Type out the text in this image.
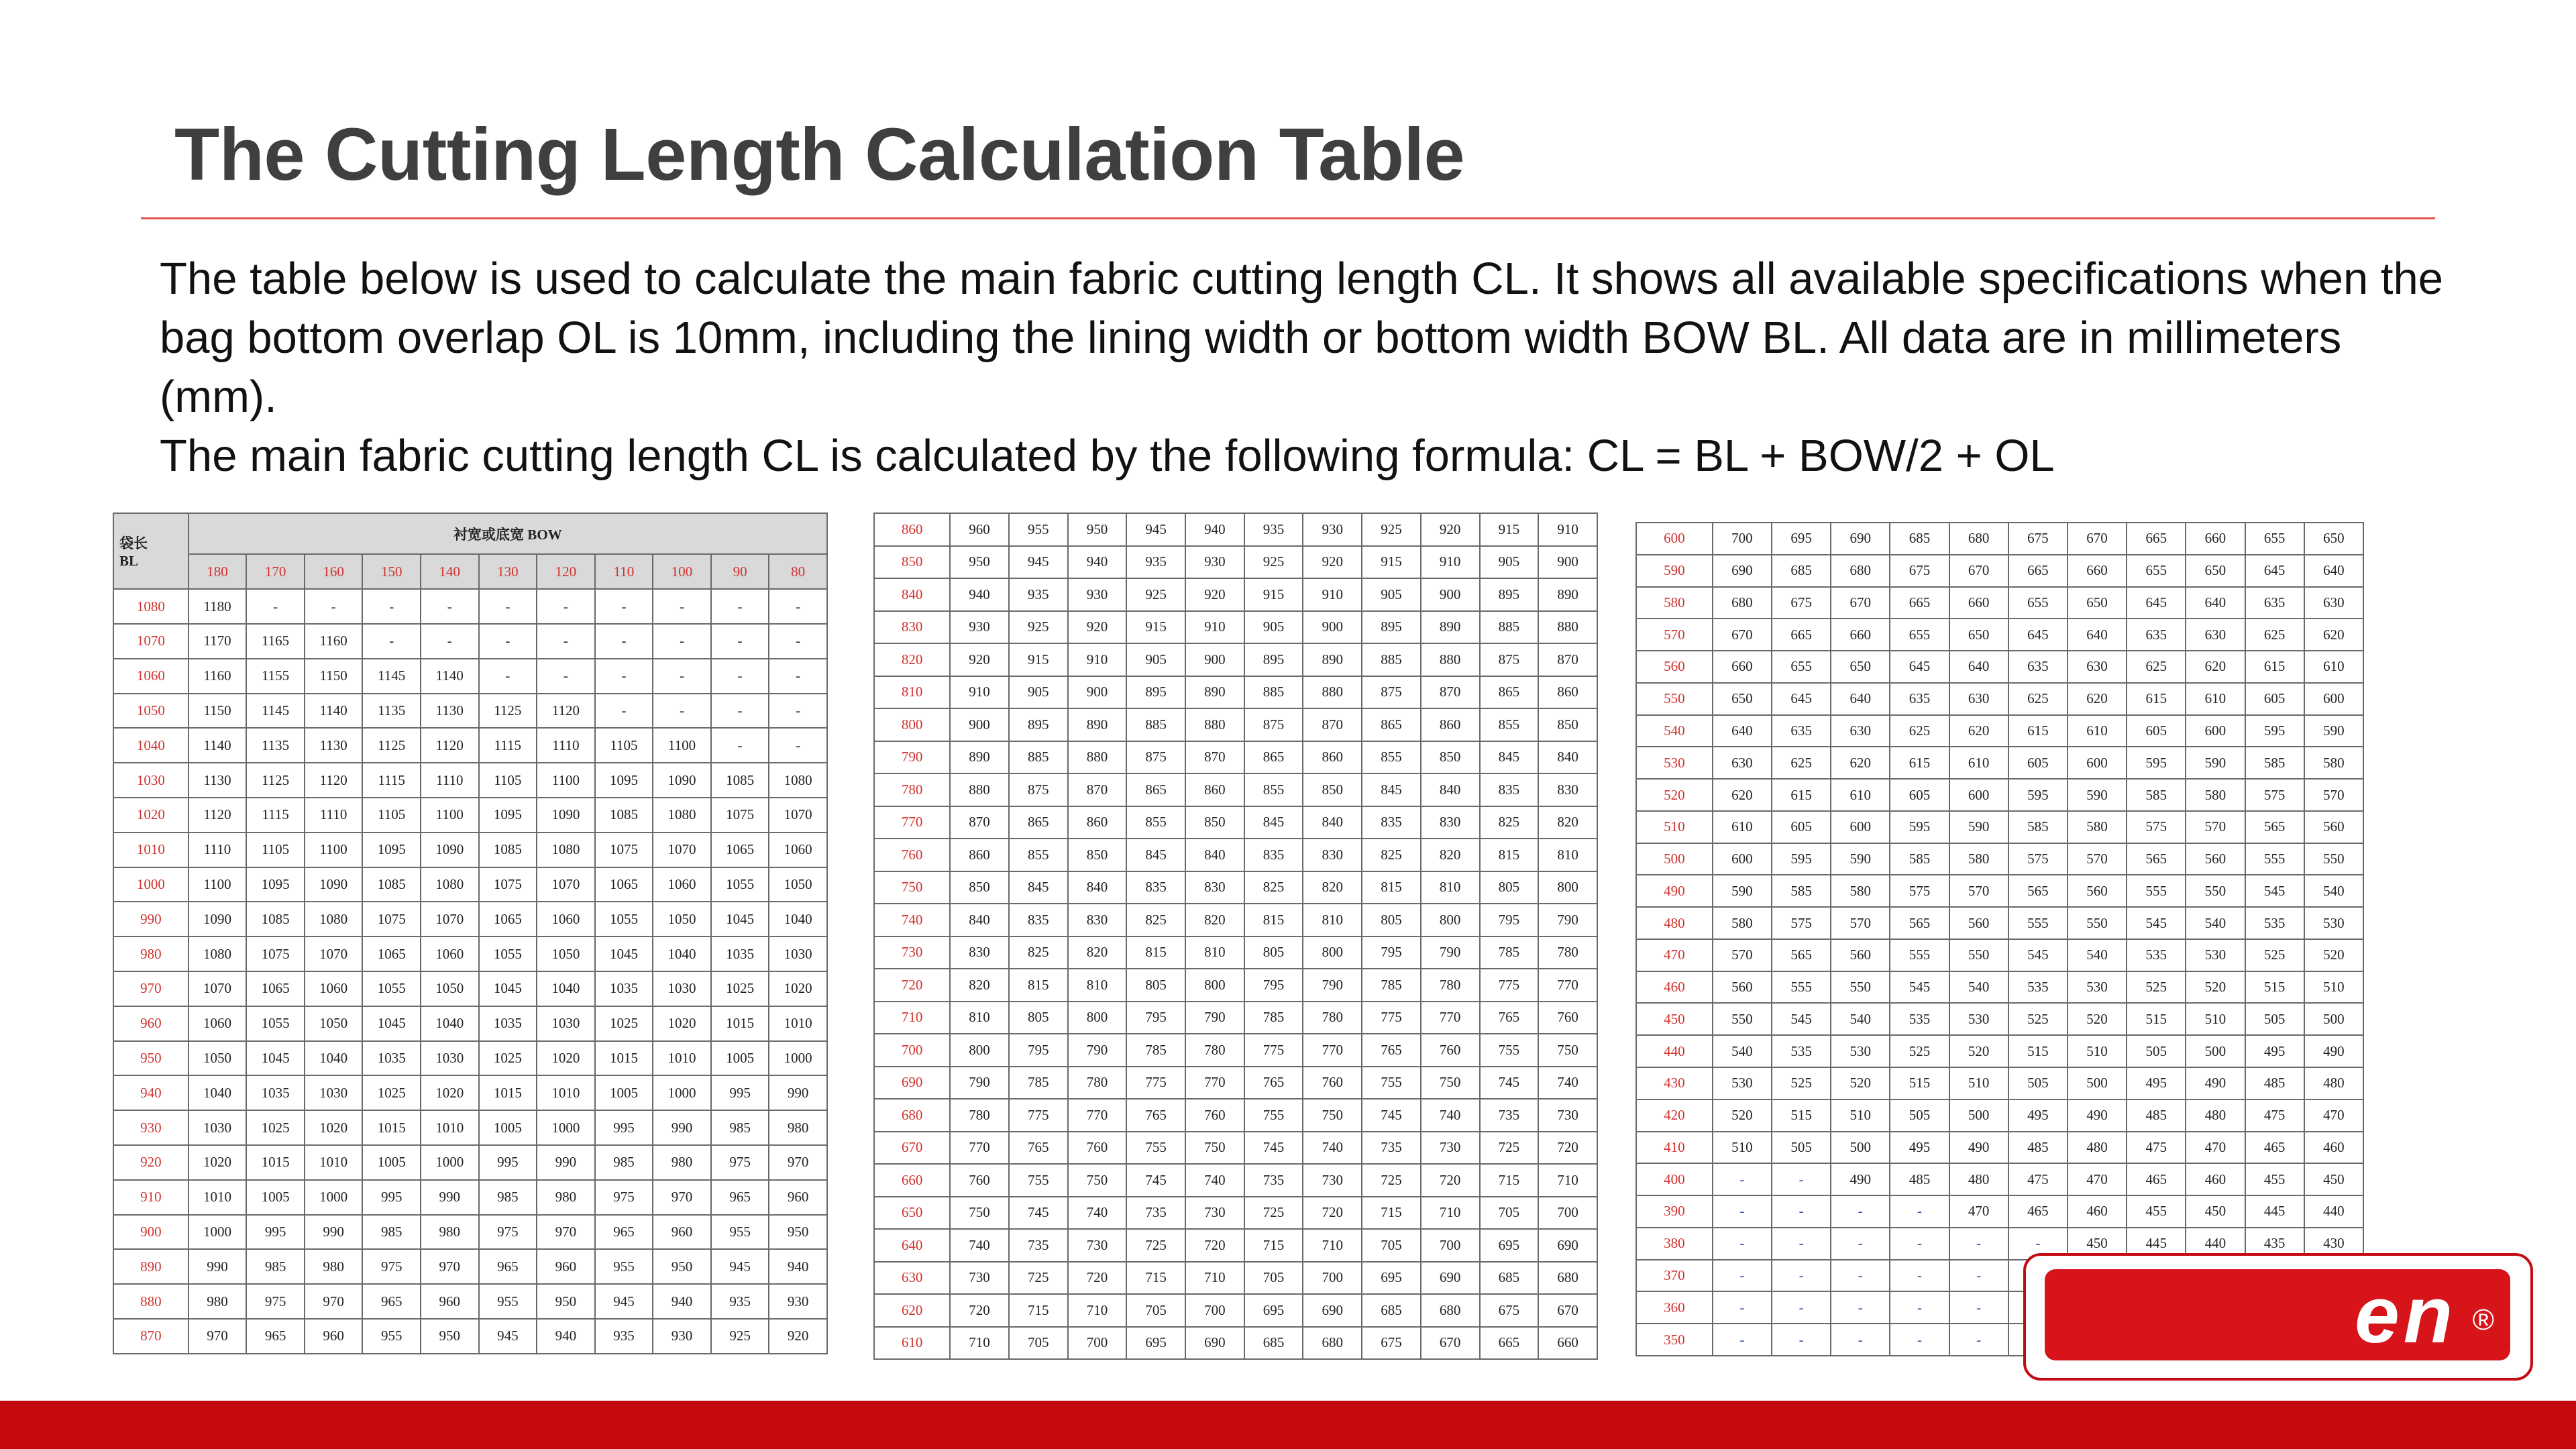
The Cutting Length Calculation Table

The table below is used to calculate the main fabric cutting length CL. It shows all available specifications when the bag bottom overlap OL is 10mm, including the lining width or bottom width BOW BL. All data are in millimeters (mm).

The main fabric cutting length CL is calculated by the following formula: CL = BL + BOW/2 + OL

袋长
BL	衬宽或底宽 BOW										
	180	170	160	150	140	130	120	110	100	90	80
1080	1180	-	-	-	-	-	-	-	-	-	-
1070	1170	1165	1160	-	-	-	-	-	-	-	-
1060	1160	1155	1150	1145	1140	-	-	-	-	-	-
1050	1150	1145	1140	1135	1130	1125	1120	-	-	-	-
1040	1140	1135	1130	1125	1120	1115	1110	1105	1100	-	-
1030	1130	1125	1120	1115	1110	1105	1100	1095	1090	1085	1080
1020	1120	1115	1110	1105	1100	1095	1090	1085	1080	1075	1070
1010	1110	1105	1100	1095	1090	1085	1080	1075	1070	1065	1060
1000	1100	1095	1090	1085	1080	1075	1070	1065	1060	1055	1050
990	1090	1085	1080	1075	1070	1065	1060	1055	1050	1045	1040
980	1080	1075	1070	1065	1060	1055	1050	1045	1040	1035	1030
970	1070	1065	1060	1055	1050	1045	1040	1035	1030	1025	1020
960	1060	1055	1050	1045	1040	1035	1030	1025	1020	1015	1010
950	1050	1045	1040	1035	1030	1025	1020	1015	1010	1005	1000
940	1040	1035	1030	1025	1020	1015	1010	1005	1000	995	990
930	1030	1025	1020	1015	1010	1005	1000	995	990	985	980
920	1020	1015	1010	1005	1000	995	990	985	980	975	970
910	1010	1005	1000	995	990	985	980	975	970	965	960
900	1000	995	990	985	980	975	970	965	960	955	950
890	990	985	980	975	970	965	960	955	950	945	940
880	980	975	970	965	960	955	950	945	940	935	930
870	970	965	960	955	950	945	940	935	930	925	920
860	960	955	950	945	940	935	930	925	920	915	910
850	950	945	940	935	930	925	920	915	910	905	900
840	940	935	930	925	920	915	910	905	900	895	890
830	930	925	920	915	910	905	900	895	890	885	880
820	920	915	910	905	900	895	890	885	880	875	870
810	910	905	900	895	890	885	880	875	870	865	860
800	900	895	890	885	880	875	870	865	860	855	850
790	890	885	880	875	870	865	860	855	850	845	840
780	880	875	870	865	860	855	850	845	840	835	830
770	870	865	860	855	850	845	840	835	830	825	820
760	860	855	850	845	840	835	830	825	820	815	810
750	850	845	840	835	830	825	820	815	810	805	800
740	840	835	830	825	820	815	810	805	800	795	790
730	830	825	820	815	810	805	800	795	790	785	780
720	820	815	810	805	800	795	790	785	780	775	770
710	810	805	800	795	790	785	780	775	770	765	760
700	800	795	790	785	780	775	770	765	760	755	750
690	790	785	780	775	770	765	760	755	750	745	740
680	780	775	770	765	760	755	750	745	740	735	730
670	770	765	760	755	750	745	740	735	730	725	720
660	760	755	750	745	740	735	730	725	720	715	710
650	750	745	740	735	730	725	720	715	710	705	700
640	740	735	730	725	720	715	710	705	700	695	690
630	730	725	720	715	710	705	700	695	690	685	680
620	720	715	710	705	700	695	690	685	680	675	670
610	710	705	700	695	690	685	680	675	670	665	660
600	700	695	690	685	680	675	670	665	660	655	650
590	690	685	680	675	670	665	660	655	650	645	640
580	680	675	670	665	660	655	650	645	640	635	630
570	670	665	660	655	650	645	640	635	630	625	620
560	660	655	650	645	640	635	630	625	620	615	610
550	650	645	640	635	630	625	620	615	610	605	600
540	640	635	630	625	620	615	610	605	600	595	590
530	630	625	620	615	610	605	600	595	590	585	580
520	620	615	610	605	600	595	590	585	580	575	570
510	610	605	600	595	590	585	580	575	570	565	560
500	600	595	590	585	580	575	570	565	560	555	550
490	590	585	580	575	570	565	560	555	550	545	540
480	580	575	570	565	560	555	550	545	540	535	530
470	570	565	560	555	550	545	540	535	530	525	520
460	560	555	550	545	540	535	530	525	520	515	510
450	550	545	540	535	530	525	520	515	510	505	500
440	540	535	530	525	520	515	510	505	500	495	490
430	530	525	520	515	510	505	500	495	490	485	480
420	520	515	510	505	500	495	490	485	480	475	470
410	510	505	500	495	490	485	480	475	470	465	460
400	-	-	490	485	480	475	470	465	460	455	450
390	-	-	-	-	470	465	460	455	450	445	440
380	-	-	-	-	-	-	450	445	440	435	430
370	-	-	-	-	-						
360	-	-	-	-	-						
350	-	-	-	-	-							en ®
